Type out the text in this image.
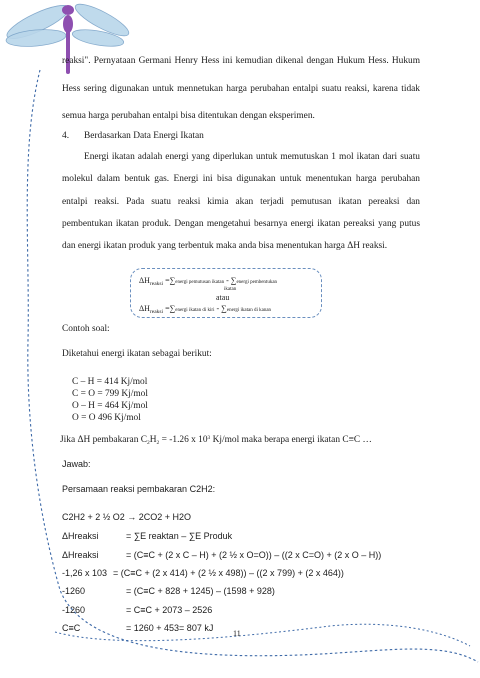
reaksi". Pernyataan Germani Henry Hess ini kemudian dikenal dengan Hukum Hess. Hukum
Hess sering digunakan untuk mennetukan harga perubahan entalpi suatu reaksi, karena tidak
semua harga perubahan entalpi bisa ditentukan dengan eksperimen.
4. Berdasarkan Data Energi Ikatan
Energi ikatan adalah energi yang diperlukan untuk memutuskan 1 mol ikatan dari suatu
molekul dalam bentuk gas. Energi ini bisa digunakan untuk menentukan harga perubahan
entalpi reaksi. Pada suatu reaksi kimia akan terjadi pemutusan ikatan pereaksi dan
pembentukan ikatan produk. Dengan mengetahui besarnya energi ikatan pereaksi yang putus
dan energi ikatan produk yang terbentuk maka anda bisa menentukan harga ΔH reaksi.
$\Delta H_{reaksi}$ =∑energi pemutusan ikatan - ∑energi pembentukan
ikatan
atau
$\Delta H_{reaksi}$ =∑energi ikatan di kiri - ∑energi ikatan di kanan
Contoh soal:
Diketahui energi ikatan sebagai berikut:
C – H = 414 Kj/mol
C = O = 799 Kj/mol
O – H = 464 Kj/mol
O = O 496 Kj/mol
Jika ΔH pembakaran $C_2H_2 = -1.26$ x $10^3$ Kj/mol maka berapa energi ikatan C≡C …
Jawab:
Persamaan reaksi pembakaran C2H2:
C2H2 + 2 ½ O2 → 2CO2 + H2O
ΔHreaksi	= ∑E reaktan – ∑E Produk
ΔHreaksi	= (C≡C + (2 x C – H) + (2 ½ x O=O)) – ((2 x C=O) + (2 x O – H))
-1,26 x 103 = (C≡C + (2 x 414) + (2 ½ x 498)) – ((2 x 799) + (2 x 464))
-1260	= (C≡C + 828 + 1245) – (1598 + 928)
-1260	= C≡C + 2073 – 2526
C≡C	= 1260 + 453= 807 kJ
11
